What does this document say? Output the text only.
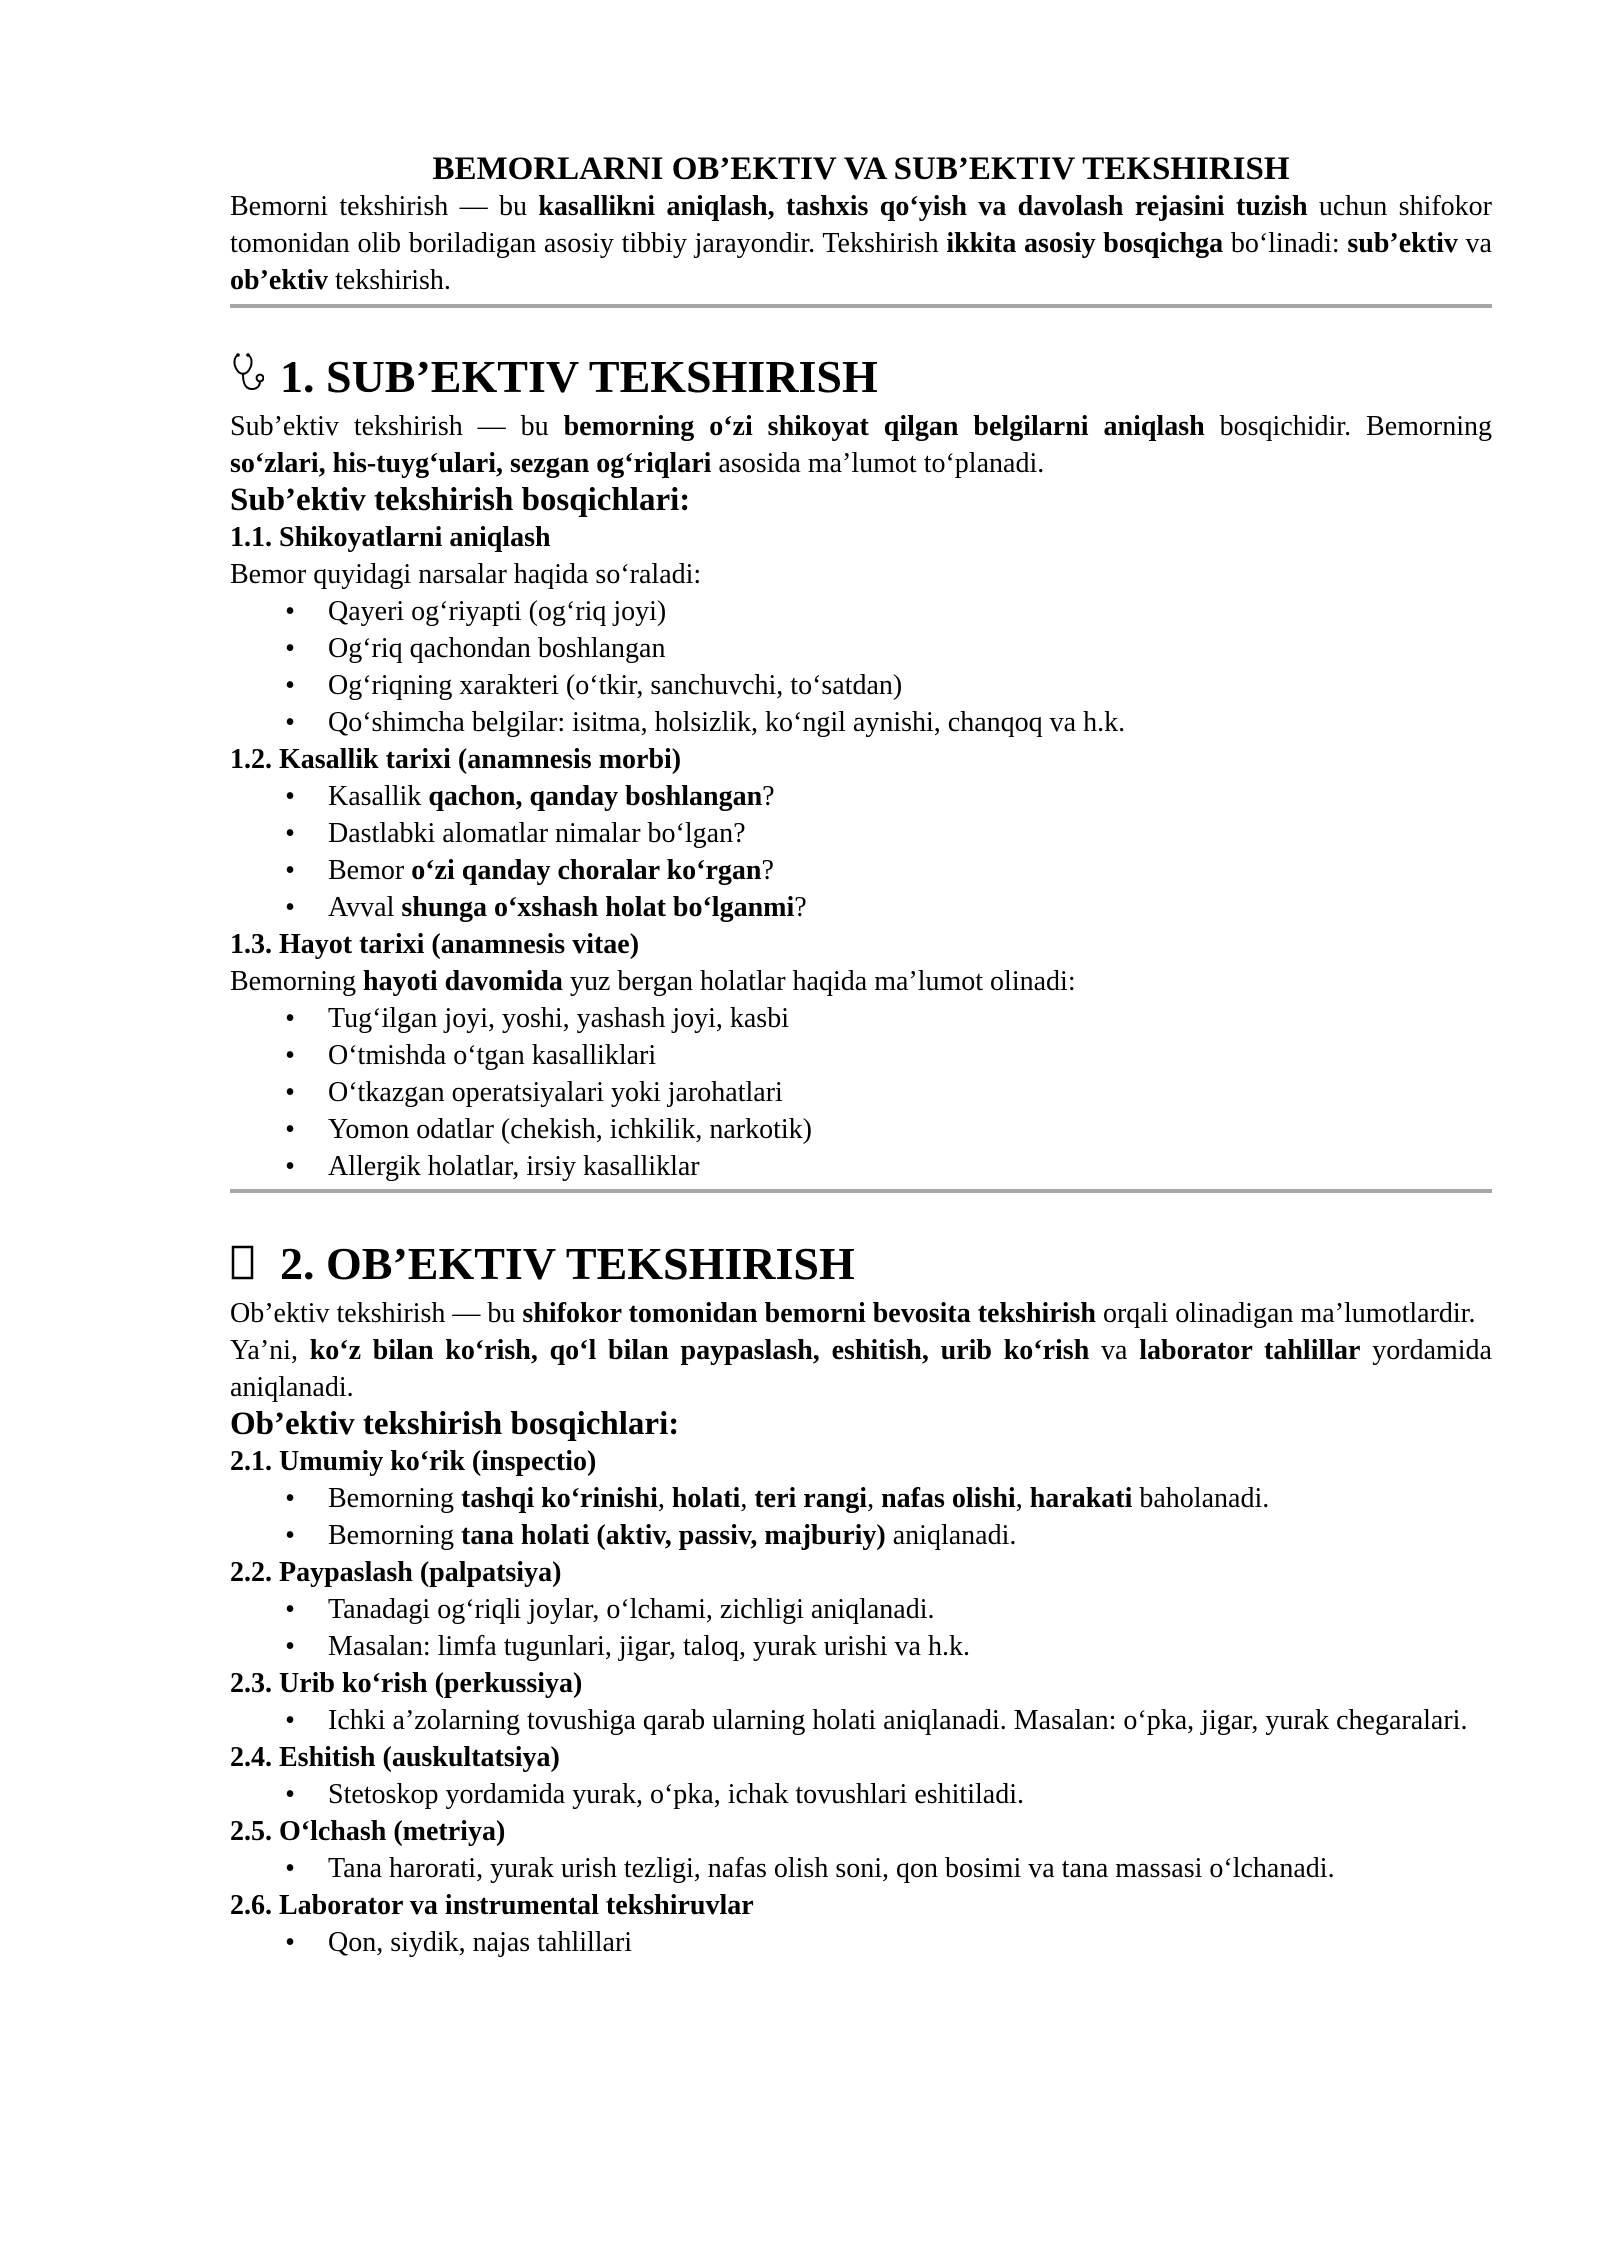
BEMORLARNI OB’EKTIV VA SUB’EKTIV TEKSHIRISH

Bemorni tekshirish — bu kasallikni aniqlash, tashxis qo‘yish va davolash rejasini tuzish uchun shifokor tomonidan olib boriladigan asosiy tibbiy jarayondir. Tekshirish ikkita asosiy bosqichga bo‘linadi: sub’ektiv va ob’ektiv tekshirish.

1. SUB’EKTIV TEKSHIRISH

Sub’ektiv tekshirish — bu bemorning o‘zi shikoyat qilgan belgilarni aniqlash bosqichidir. Bemorning so‘zlari, his-tuyg‘ulari, sezgan og‘riqlari asosida ma’lumot to‘planadi.

Sub’ektiv tekshirish bosqichlari:
1.1. Shikoyatlarni aniqlash

Bemor quyidagi narsalar haqida so‘raladi:

• Qayeri og‘riyapti (og‘riq joyi)
• Og‘riq qachondan boshlangan
• Og‘riqning xarakteri (o‘tkir, sanchuvchi, to‘satdan)
• Qo‘shimcha belgilar: isitma, holsizlik, ko‘ngil aynishi, chanqoq va h.k.
1.2. Kasallik tarixi (anamnesis morbi)
• Kasallik qachon, qanday boshlangan?
• Dastlabki alomatlar nimalar bo‘lgan?
• Bemor o‘zi qanday choralar ko‘rgan?
• Avval shunga o‘xshash holat bo‘lganmi?
1.3. Hayot tarixi (anamnesis vitae)

Bemorning hayoti davomida yuz bergan holatlar haqida ma’lumot olinadi:

• Tug‘ilgan joyi, yoshi, yashash joyi, kasbi
• O‘tmishda o‘tgan kasalliklari
• O‘tkazgan operatsiyalari yoki jarohatlari
• Yomon odatlar (chekish, ichkilik, narkotik)
• Allergik holatlar, irsiy kasalliklar
2. OB’EKTIV TEKSHIRISH

Ob’ektiv tekshirish — bu shifokor tomonidan bemorni bevosita tekshirish orqali olinadigan ma’lumotlardir.

Ya’ni, ko‘z bilan ko‘rish, qo‘l bilan paypaslash, eshitish, urib ko‘rish va laborator tahlillar yordamida aniqlanadi.

Ob’ektiv tekshirish bosqichlari:
2.1. Umumiy ko‘rik (inspectio)
• Bemorning tashqi ko‘rinishi, holati, teri rangi, nafas olishi, harakati baholanadi.
• Bemorning tana holati (aktiv, passiv, majburiy) aniqlanadi.
2.2. Paypaslash (palpatsiya)
• Tanadagi og‘riqli joylar, o‘lchami, zichligi aniqlanadi.
• Masalan: limfa tugunlari, jigar, taloq, yurak urishi va h.k.
2.3. Urib ko‘rish (perkussiya)
• Ichki a’zolarning tovushiga qarab ularning holati aniqlanadi. Masalan: o‘pka, jigar, yurak chegaralari.
2.4. Eshitish (auskultatsiya)
• Stetoskop yordamida yurak, o‘pka, ichak tovushlari eshitiladi.
2.5. O‘lchash (metriya)
• Tana harorati, yurak urish tezligi, nafas olish soni, qon bosimi va tana massasi o‘lchanadi.
2.6. Laborator va instrumental tekshiruvlar
• Qon, siydik, najas tahlillari
